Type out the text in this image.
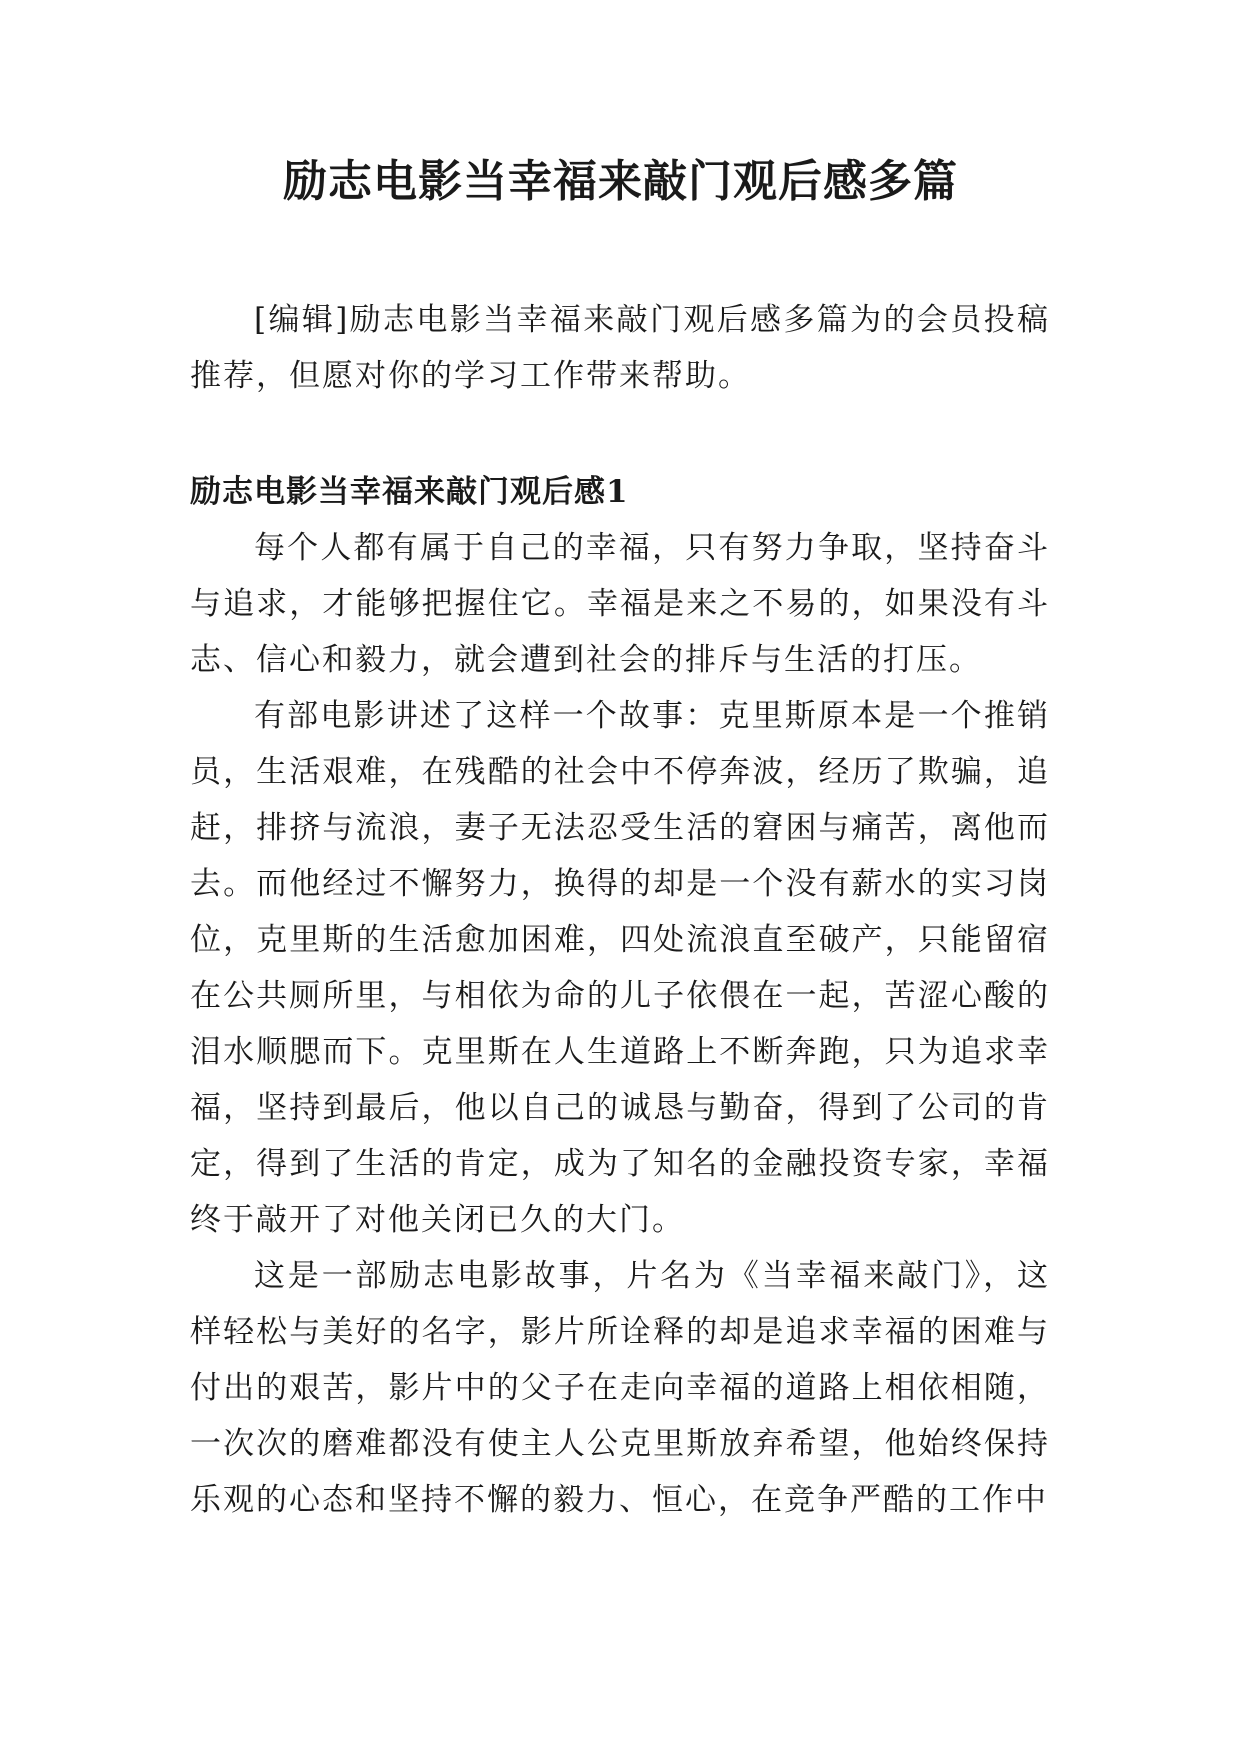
励志电影当幸福来敲门观后感多篇

[编辑]励志电影当幸福来敲门观后感多篇为的会员投稿推荐，但愿对你的学习工作带来帮助。

励志电影当幸福来敲门观后感1

每个人都有属于自己的幸福，只有努力争取，坚持奋斗与追求，才能够把握住它。幸福是来之不易的，如果没有斗志、信心和毅力，就会遭到社会的排斥与生活的打压。

有部电影讲述了这样一个故事：克里斯原本是一个推销员，生活艰难，在残酷的社会中不停奔波，经历了欺骗，追赶，排挤与流浪，妻子无法忍受生活的窘困与痛苦，离他而去。而他经过不懈努力，换得的却是一个没有薪水的实习岗位，克里斯的生活愈加困难，四处流浪直至破产，只能留宿在公共厕所里，与相依为命的儿子依偎在一起，苦涩心酸的泪水顺腮而下。克里斯在人生道路上不断奔跑，只为追求幸福，坚持到最后，他以自己的诚恳与勤奋，得到了公司的肯定，得到了生活的肯定，成为了知名的金融投资专家，幸福终于敲开了对他关闭已久的大门。

这是一部励志电影故事，片名为《当幸福来敲门》，这样轻松与美好的名字，影片所诠释的却是追求幸福的困难与付出的艰苦，影片中的父子在走向幸福的道路上相依相随，一次次的磨难都没有使主人公克里斯放弃希望，他始终保持乐观的心态和坚持不懈的毅力、恒心，在竞争严酷的工作中
